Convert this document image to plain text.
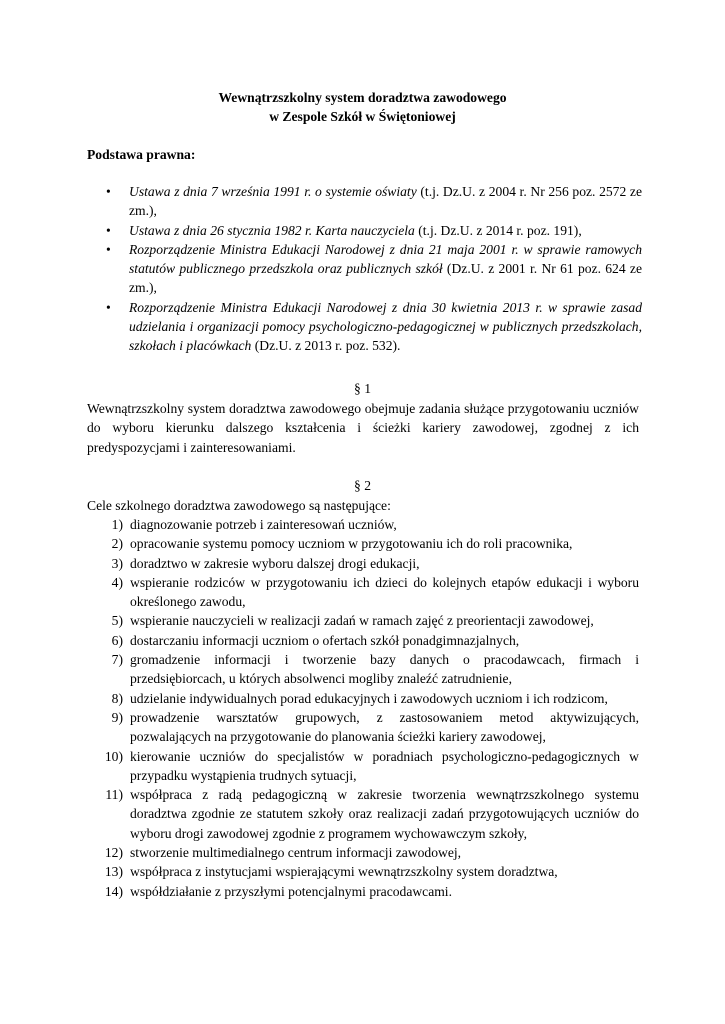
Wewnątrzszkolny system doradztwa zawodowego
w Zespole Szkół w Świętoniowej
Podstawa prawna:
• Ustawa z dnia 7 września 1991 r. o systemie oświaty (t.j. Dz.U. z 2004 r. Nr 256 poz. 2572 ze zm.),
• Ustawa z dnia 26 stycznia 1982 r. Karta nauczyciela (t.j. Dz.U. z 2014 r. poz. 191),
• Rozporządzenie Ministra Edukacji Narodowej z dnia 21 maja 2001 r. w sprawie ramowych statutów publicznego przedszkola oraz publicznych szkół (Dz.U. z 2001 r. Nr 61 poz. 624 ze zm.),
• Rozporządzenie Ministra Edukacji Narodowej z dnia 30 kwietnia 2013 r. w sprawie zasad udzielania i organizacji pomocy psychologiczno-pedagogicznej w publicznych przedszkolach, szkołach i placówkach (Dz.U. z 2013 r. poz. 532).
§ 1
Wewnątrzszkolny system doradztwa zawodowego obejmuje zadania służące przygotowaniu uczniów do wyboru kierunku dalszego kształcenia i ścieżki kariery zawodowej, zgodnej z ich predyspozycjami i zainteresowaniami.
§ 2
Cele szkolnego doradztwa zawodowego są następujące:
1) diagnozowanie potrzeb i zainteresowań uczniów,
2) opracowanie systemu pomocy uczniom w przygotowaniu ich do roli pracownika,
3) doradztwo w zakresie wyboru dalszej drogi edukacji,
4) wspieranie rodziców w przygotowaniu ich dzieci do kolejnych etapów edukacji i wyboru określonego zawodu,
5) wspieranie nauczycieli w realizacji zadań w ramach zajęć z preorientacji zawodowej,
6) dostarczaniu informacji uczniom o ofertach szkół ponadgimnazjalnych,
7) gromadzenie informacji i tworzenie bazy danych o pracodawcach, firmach i przedsiębiorcach, u których absolwenci mogliby znaleźć zatrudnienie,
8) udzielanie indywidualnych porad edukacyjnych i zawodowych uczniom i ich rodzicom,
9) prowadzenie warsztatów grupowych, z zastosowaniem metod aktywizujących, pozwalających na przygotowanie do planowania ścieżki kariery zawodowej,
10) kierowanie uczniów do specjalistów w poradniach psychologiczno-pedagogicznych w przypadku wystąpienia trudnych sytuacji,
11) współpraca z radą pedagogiczną w zakresie tworzenia wewnątrzszkolnego systemu doradztwa zgodnie ze statutem szkoły oraz realizacji zadań przygotowujących uczniów do wyboru drogi zawodowej zgodnie z programem wychowawczym szkoły,
12) stworzenie multimedialnego centrum informacji zawodowej,
13) współpraca z instytucjami wspierającymi wewnątrzszkolny system doradztwa,
14) współdziałanie z przyszłymi potencjalnymi pracodawcami.
